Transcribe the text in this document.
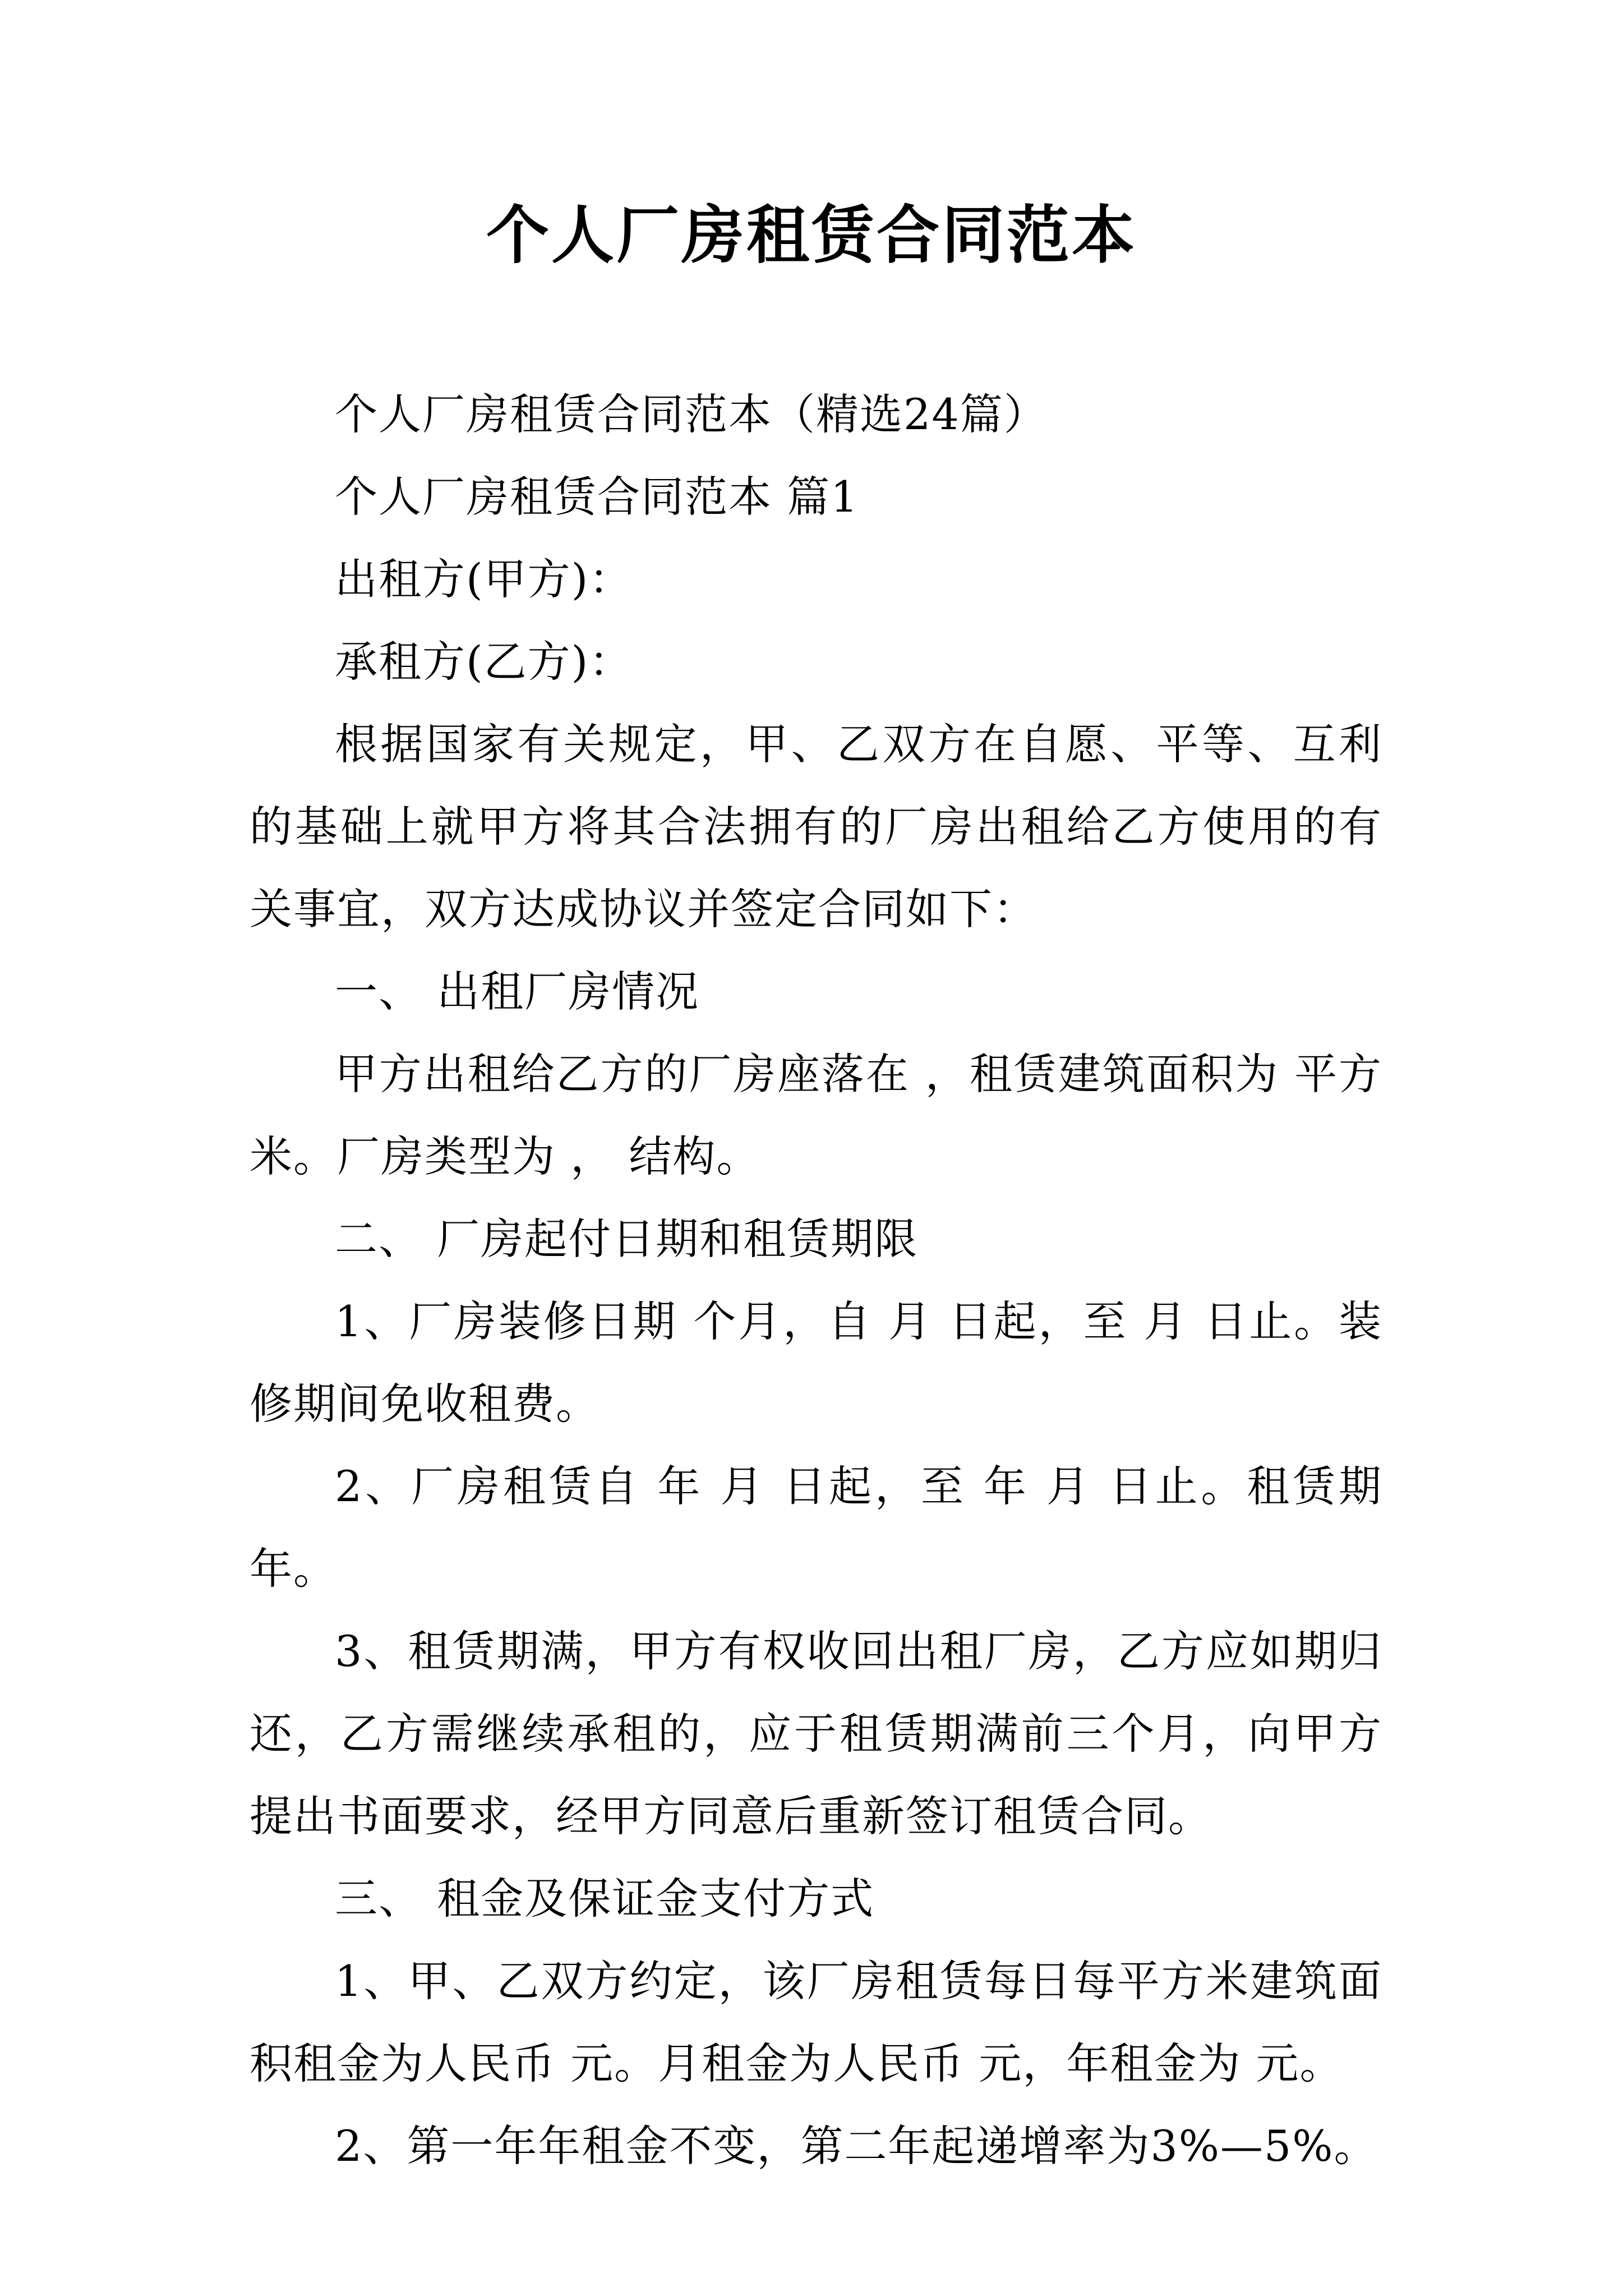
个人厂房租赁合同范本

个人厂房租赁合同范本（精选24篇）

个人厂房租赁合同范本 篇1

出租方(甲方)：

承租方(乙方)：

根据国家有关规定，甲、乙双方在自愿、平等、互利的基础上就甲方将其合法拥有的厂房出租给乙方使用的有关事宜，双方达成协议并签定合同如下：

一、 出租厂房情况

甲方出租给乙方的厂房座落在 ，租赁建筑面积为 平方米。厂房类型为 ， 结构。

二、 厂房起付日期和租赁期限

1、厂房装修日期 个月，自 月 日起，至 月 日止。装修期间免收租费。

2、厂房租赁自 年 月 日起，至 年 月 日止。租赁期 年。

3、租赁期满，甲方有权收回出租厂房，乙方应如期归还，乙方需继续承租的，应于租赁期满前三个月，向甲方提出书面要求，经甲方同意后重新签订租赁合同。

三、 租金及保证金支付方式

1、甲、乙双方约定，该厂房租赁每日每平方米建筑面积租金为人民币 元。月租金为人民币 元，年租金为 元。

2、第一年年租金不变，第二年起递增率为3%—5%。
